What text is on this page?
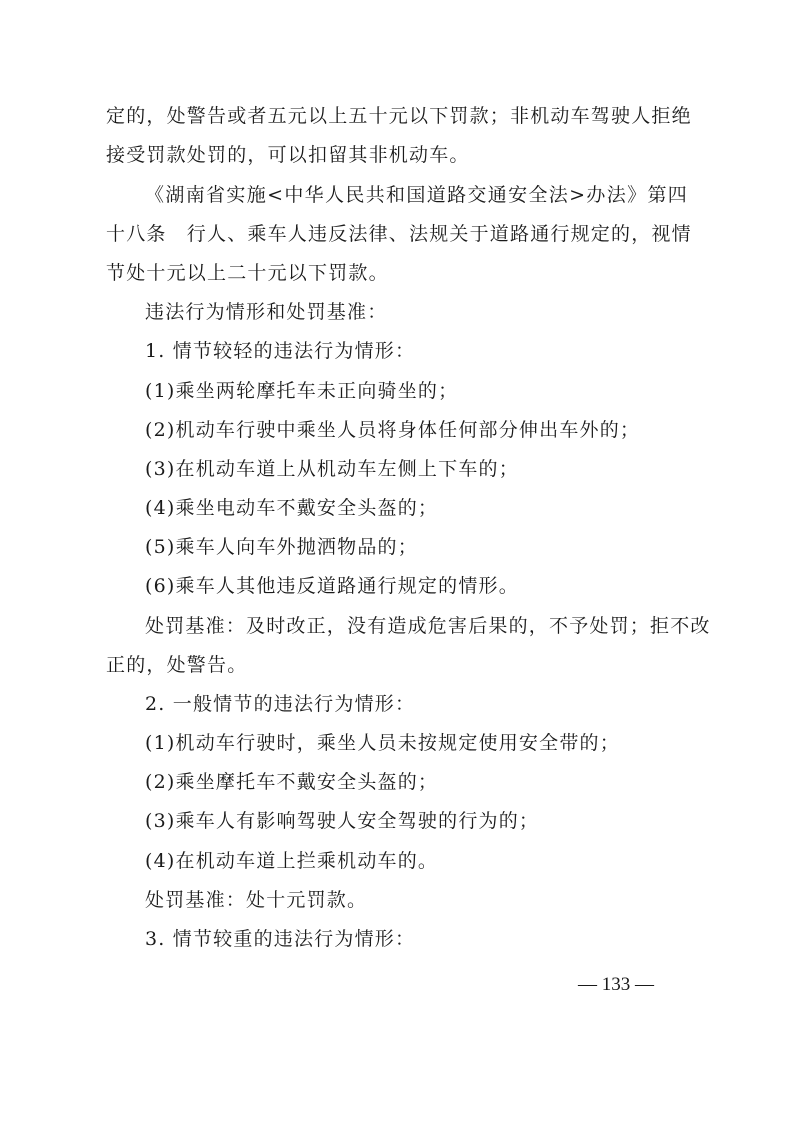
定的，处警告或者五元以上五十元以下罚款；非机动车驾驶人拒绝
接受罚款处罚的，可以扣留其非机动车。
《湖南省实施<中华人民共和国道路交通安全法>办法》第四
十八条　行人、乘车人违反法律、法规关于道路通行规定的，视情
节处十元以上二十元以下罚款。
违法行为情形和处罚基准：
1. 情节较轻的违法行为情形：
(1)乘坐两轮摩托车未正向骑坐的；
(2)机动车行驶中乘坐人员将身体任何部分伸出车外的；
(3)在机动车道上从机动车左侧上下车的；
(4)乘坐电动车不戴安全头盔的；
(5)乘车人向车外抛洒物品的；
(6)乘车人其他违反道路通行规定的情形。
处罚基准：及时改正，没有造成危害后果的，不予处罚；拒不改
正的，处警告。
2. 一般情节的违法行为情形：
(1)机动车行驶时，乘坐人员未按规定使用安全带的；
(2)乘坐摩托车不戴安全头盔的；
(3)乘车人有影响驾驶人安全驾驶的行为的；
(4)在机动车道上拦乘机动车的。
处罚基准：处十元罚款。
3. 情节较重的违法行为情形：
— 133 —
